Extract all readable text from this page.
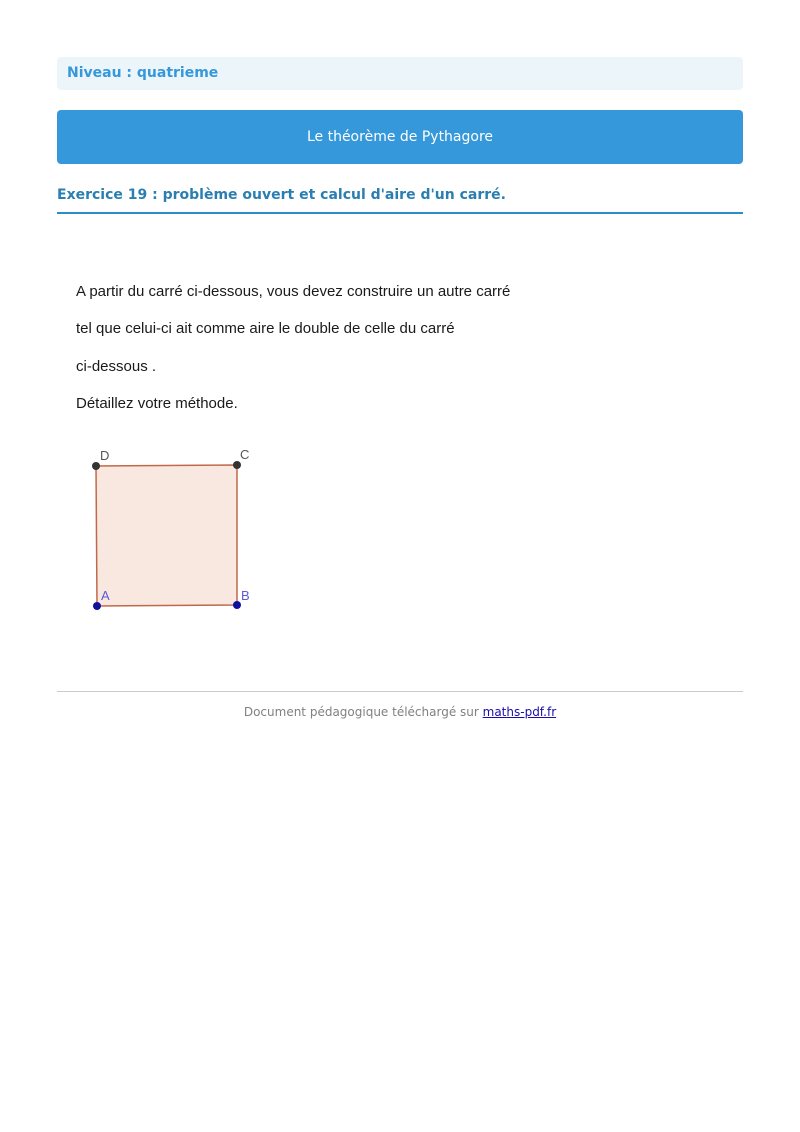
Niveau : quatrieme
Le théorème de Pythagore
Exercice 19 : problème ouvert et calcul d'aire d'un carré.
A partir du carré ci-dessous, vous devez construire un autre carré
tel que celui-ci ait comme aire le double de celle du carré
ci-dessous .
Détaillez votre méthode.
A	B
C
D
Document pédagogique téléchargé sur maths-pdf.fr
